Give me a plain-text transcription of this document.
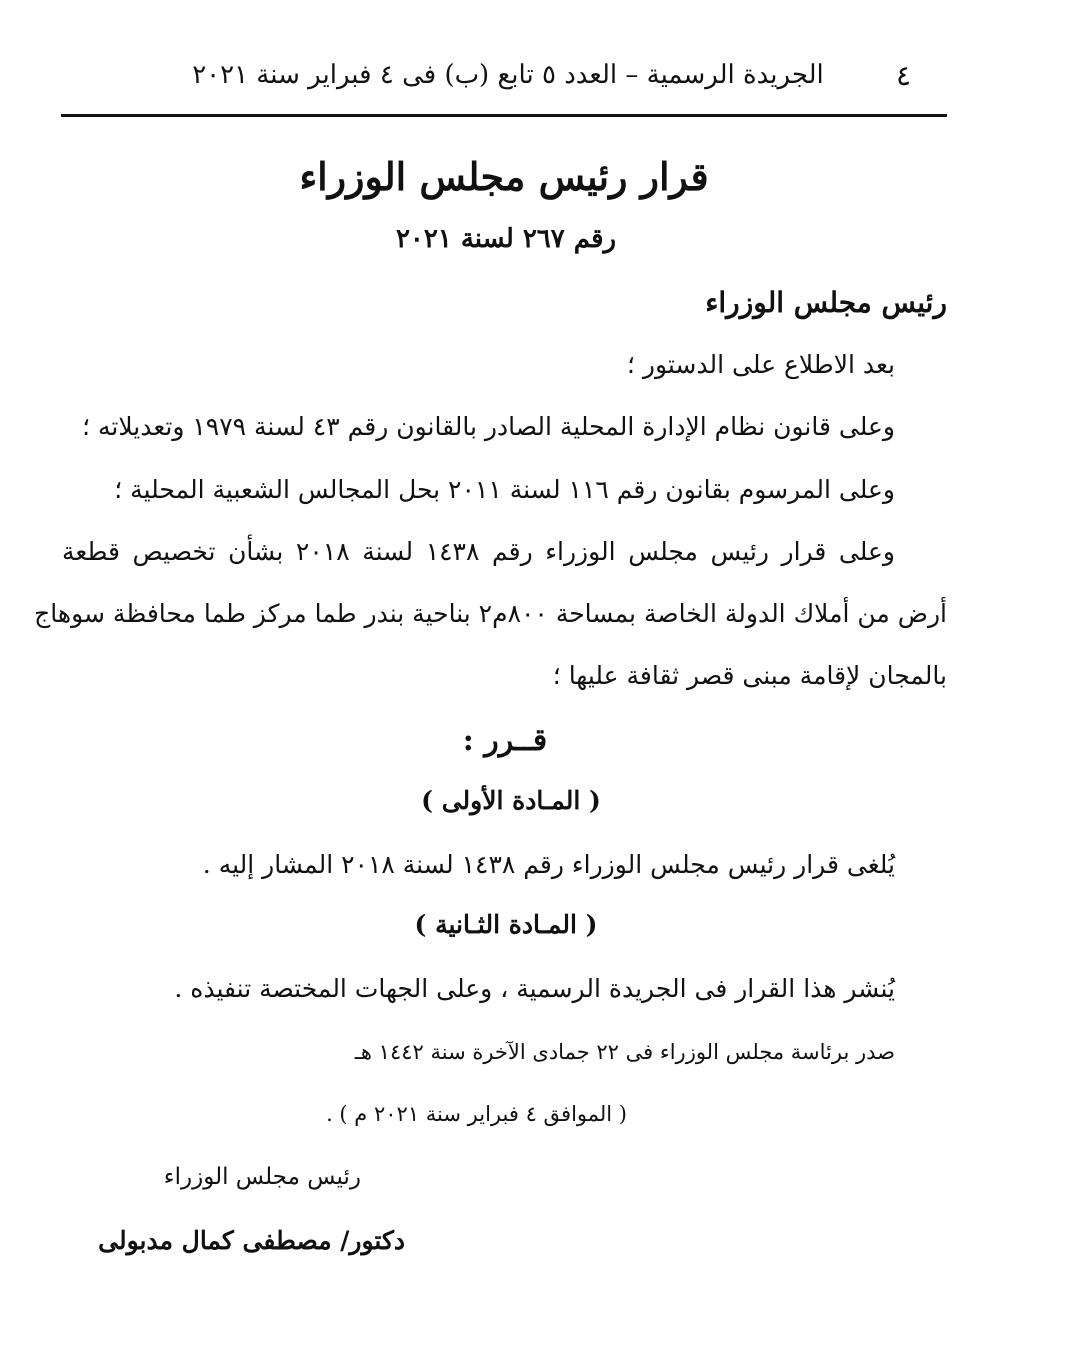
٤
الجريدة الرسمية – العدد ٥ تابع (ب) فى ٤ فبراير سنة ٢٠٢١
قرار رئيس مجلس الوزراء
رقم ٢٦٧ لسنة ٢٠٢١
رئيس مجلس الوزراء
بعد الاطلاع على الدستور ؛
وعلى قانون نظام الإدارة المحلية الصادر بالقانون رقم ٤٣ لسنة ١٩٧٩ وتعديلاته ؛
وعلى المرسوم بقانون رقم ١١٦ لسنة ٢٠١١ بحل المجالس الشعبية المحلية ؛
وعلى قرار رئيس مجلس الوزراء رقم ١٤٣٨ لسنة ٢٠١٨ بشأن تخصيص قطعة
أرض من أملاك الدولة الخاصة بمساحة ٨٠٠م٢ بناحية بندر طما مركز طما محافظة سوهاج
بالمجان لإقامة مبنى قصر ثقافة عليها ؛
قــرر :
( المـادة الأولى )
يُلغى قرار رئيس مجلس الوزراء رقم ١٤٣٨ لسنة ٢٠١٨ المشار إليه .
( المـادة الثـانية )
يُنشر هذا القرار فى الجريدة الرسمية ، وعلى الجهات المختصة تنفيذه .
صدر برئاسة مجلس الوزراء فى ٢٢ جمادى الآخرة سنة ١٤٤٢ هـ
( الموافق ٤ فبراير سنة ٢٠٢١ م ) .
رئيس مجلس الوزراء
دكتور/ مصطفى كمال مدبولى
